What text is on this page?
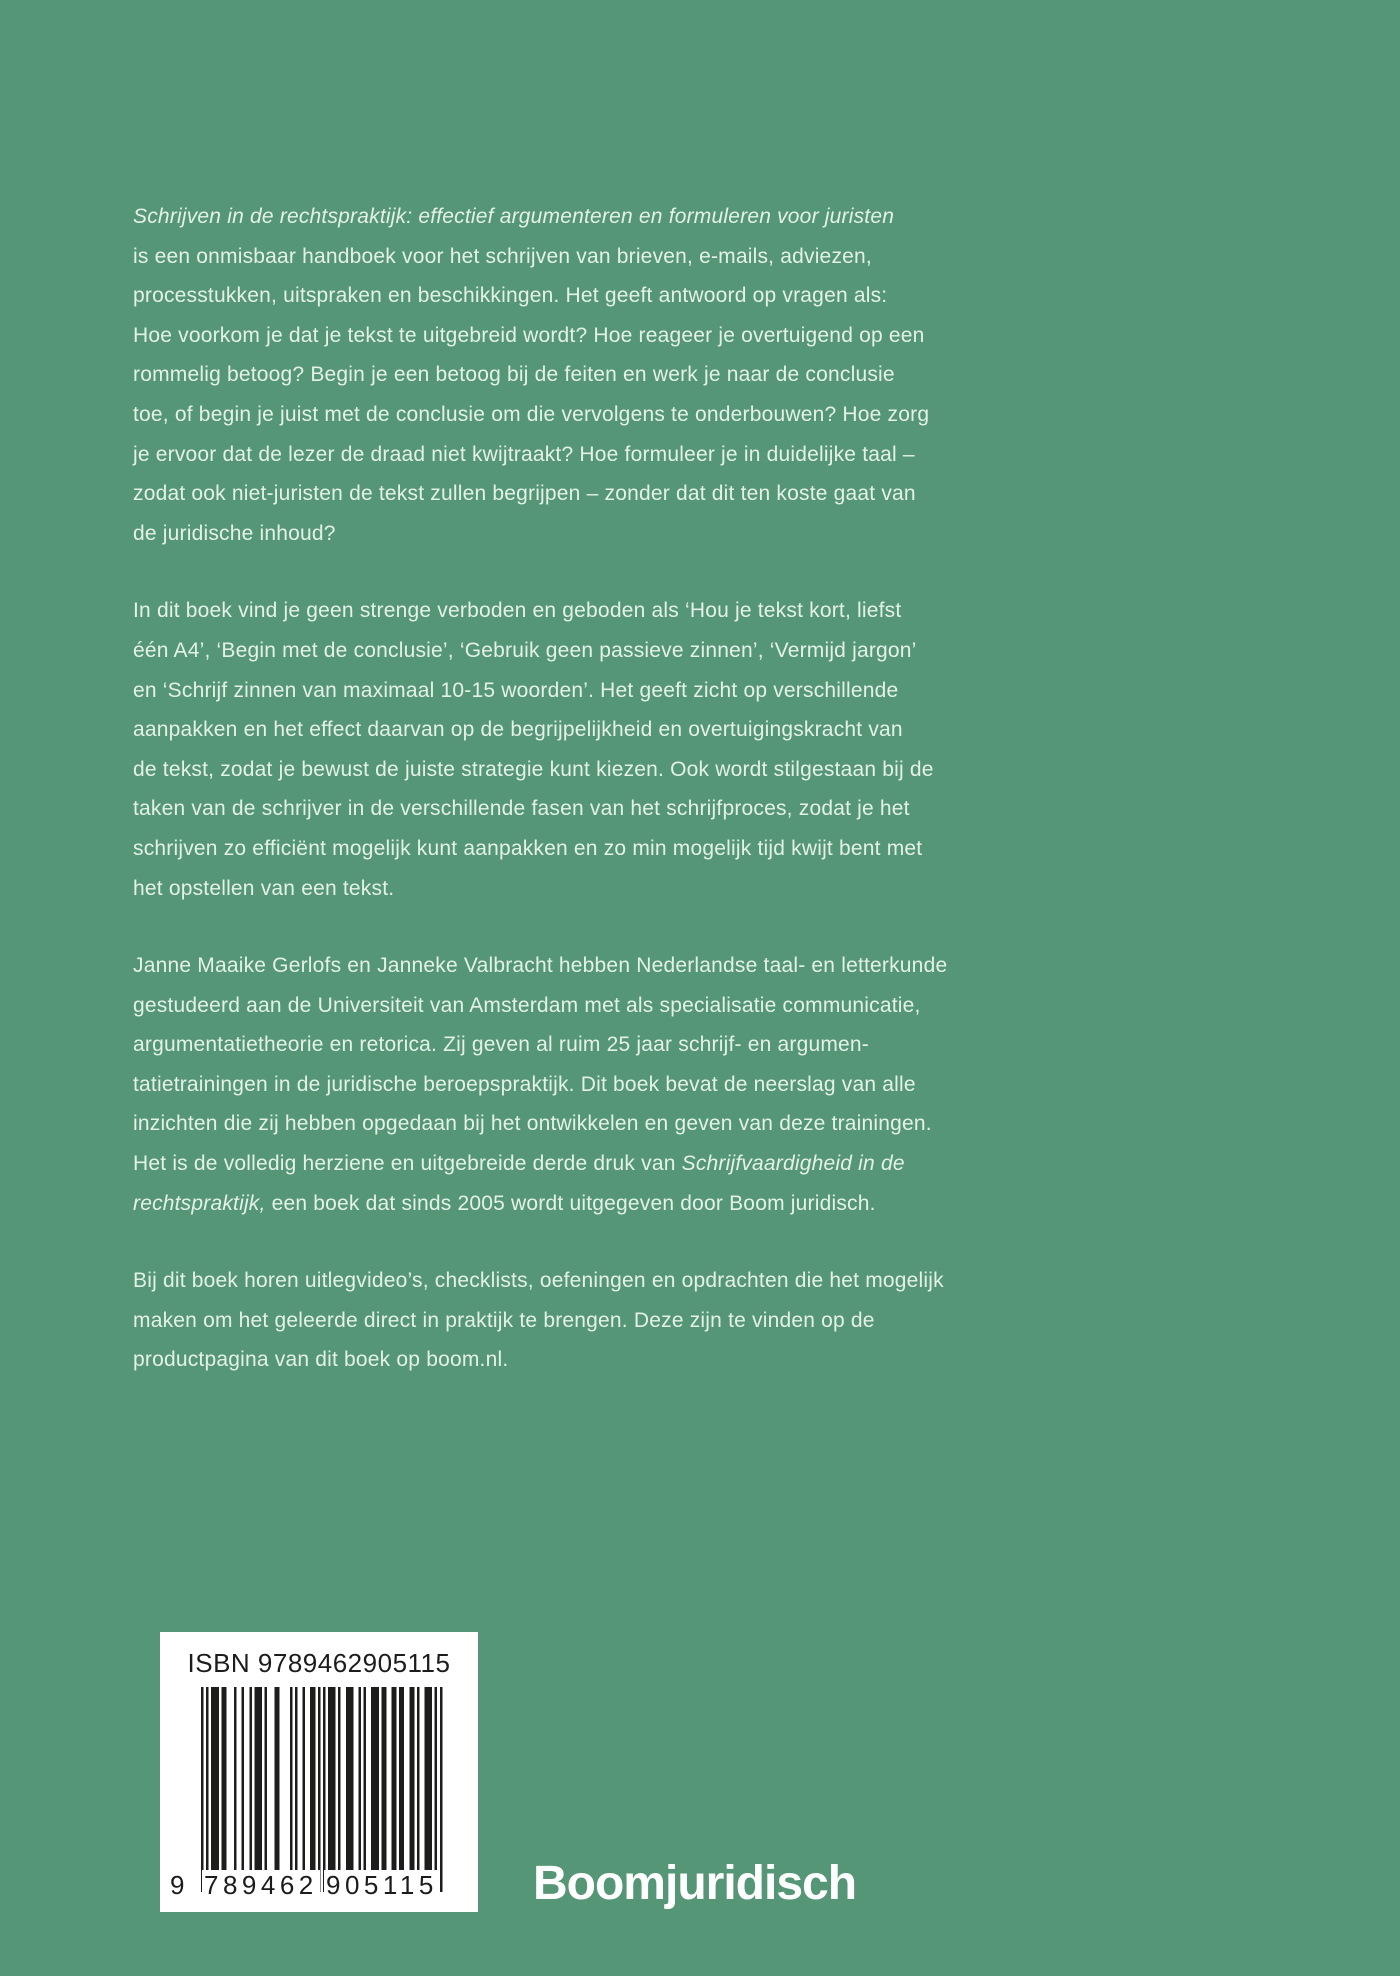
Schrijven in de rechtspraktijk: effectief argumenteren en formuleren voor juristen
is een onmisbaar handboek voor het schrijven van brieven, e-mails, adviezen,
processtukken, uitspraken en beschikkingen. Het geeft antwoord op vragen als:
Hoe voorkom je dat je tekst te uitgebreid wordt? Hoe reageer je overtuigend op een
rommelig betoog? Begin je een betoog bij de feiten en werk je naar de conclusie
toe, of begin je juist met de conclusie om die vervolgens te onderbouwen? Hoe zorg
je ervoor dat de lezer de draad niet kwijtraakt? Hoe formuleer je in duidelijke taal –
zodat ook niet-juristen de tekst zullen begrijpen – zonder dat dit ten koste gaat van
de juridische inhoud?
In dit boek vind je geen strenge verboden en geboden als ‘Hou je tekst kort, liefst
één A4’, ‘Begin met de conclusie’, ‘Gebruik geen passieve zinnen’, ‘Vermijd jargon’
en ‘Schrijf zinnen van maximaal 10-15 woorden’. Het geeft zicht op verschillende
aanpakken en het effect daarvan op de begrijpelijkheid en overtuigingskracht van
de tekst, zodat je bewust de juiste strategie kunt kiezen. Ook wordt stilgestaan bij de
taken van de schrijver in de verschillende fasen van het schrijfproces, zodat je het
schrijven zo efficiënt mogelijk kunt aanpakken en zo min mogelijk tijd kwijt bent met
het opstellen van een tekst.
Janne Maaike Gerlofs en Janneke Valbracht hebben Nederlandse taal- en letterkunde
gestudeerd aan de Universiteit van Amsterdam met als specialisatie communicatie,
argumentatietheorie en retorica. Zij geven al ruim 25 jaar schrijf- en argumen-
tatietrainingen in de juridische beroepspraktijk. Dit boek bevat de neerslag van alle
inzichten die zij hebben opgedaan bij het ontwikkelen en geven van deze trainingen.
Het is de volledig herziene en uitgebreide derde druk van Schrijfvaardigheid in de
rechtspraktijk, een boek dat sinds 2005 wordt uitgegeven door Boom juridisch.
Bij dit boek horen uitlegvideo’s, checklists, oefeningen en opdrachten die het mogelijk
maken om het geleerde direct in praktijk te brengen. Deze zijn te vinden op de
productpagina van dit boek op boom.nl.
ISBN 9789462905115
9 789462 905115 Boomjuridisch
